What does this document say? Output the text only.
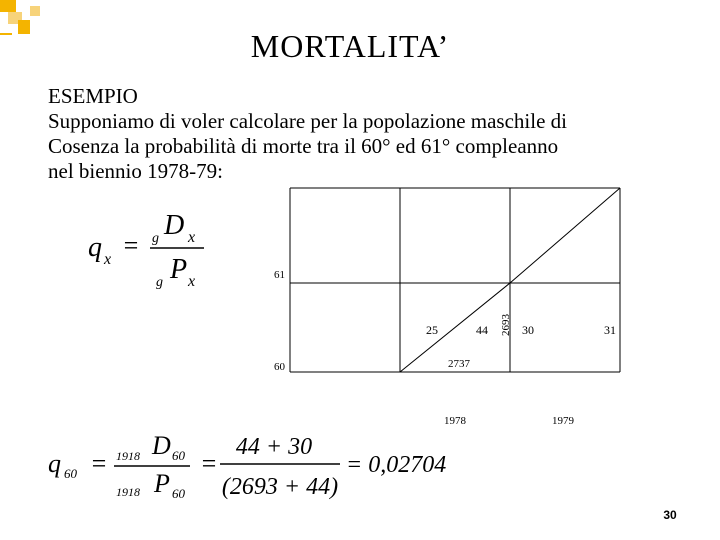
MORTALITA’
ESEMPIO
Supponiamo di voler calcolare per la popolazione maschile di
Cosenza la probabilità di morte tra il 60° ed 61° compleanno
nel biennio 1978-79:
q x = g D x
g P x	61
60
1978	1979
25	44	30	31
2693
2737
q 60 = 1918 D 60
1918 P 60
=
44 + 30
(2693 + 44)
= 0,02704
30
